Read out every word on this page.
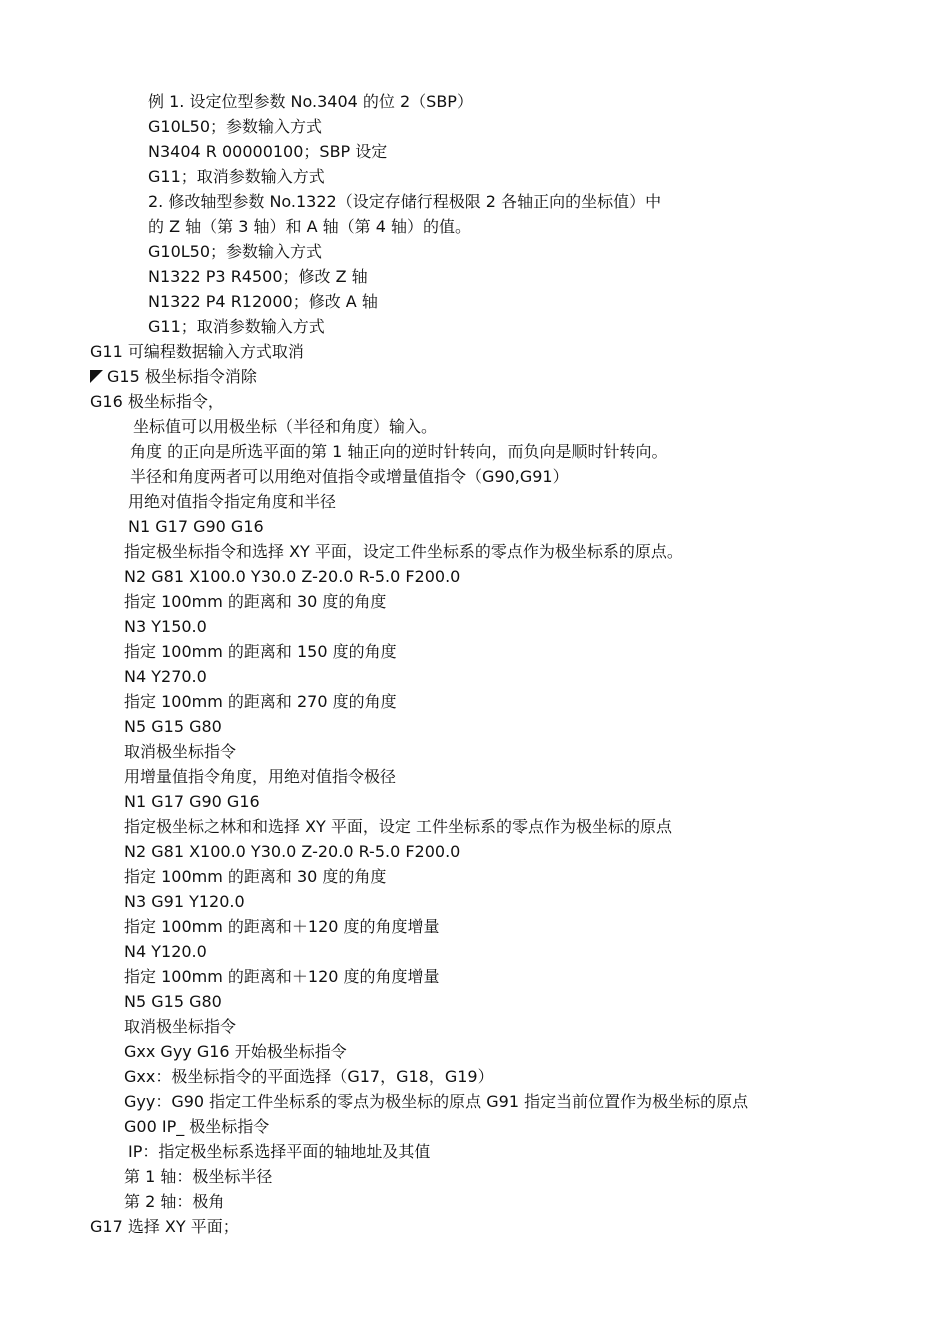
例 1. 设定位型参数 No.3404 的位 2（SBP）
G10L50；参数输入方式
N3404 R 00000100；SBP 设定
G11；取消参数输入方式
2. 修改轴型参数 No.1322（设定存储行程极限 2 各轴正向的坐标值）中
的 Z 轴（第 3 轴）和 A 轴（第 4 轴）的值。
G10L50；参数输入方式
N1322 P3 R4500；修改 Z 轴
N1322 P4 R12000；修改 A 轴
G11；取消参数输入方式
G11 可编程数据输入方式取消
G15 极坐标指令消除
G16 极坐标指令，
坐标值可以用极坐标（半径和角度）输入。
角度 的正向是所选平面的第 1 轴正向的逆时针转向，而负向是顺时针转向。
半径和角度两者可以用绝对值指令或增量值指令（G90,G91）
用绝对值指令指定角度和半径
N1 G17 G90 G16
指定极坐标指令和选择 XY 平面，设定工件坐标系的零点作为极坐标系的原点。
N2 G81 X100.0 Y30.0 Z-20.0 R-5.0 F200.0
指定 100mm 的距离和 30 度的角度
N3 Y150.0
指定 100mm 的距离和 150 度的角度
N4 Y270.0
指定 100mm 的距离和 270 度的角度
N5 G15 G80
取消极坐标指令
用增量值指令角度，用绝对值指令极径
N1 G17 G90 G16
指定极坐标之林和和选择 XY 平面，设定 工件坐标系的零点作为极坐标的原点
N2 G81 X100.0 Y30.0 Z-20.0 R-5.0 F200.0
指定 100mm 的距离和 30 度的角度
N3 G91 Y120.0
指定 100mm 的距离和＋120 度的角度增量
N4 Y120.0
指定 100mm 的距离和＋120 度的角度增量
N5 G15 G80
取消极坐标指令
Gxx Gyy G16 开始极坐标指令
Gxx：极坐标指令的平面选择（G17，G18，G19）
Gyy：G90 指定工件坐标系的零点为极坐标的原点 G91 指定当前位置作为极坐标的原点
G00 IP_ 极坐标指令
IP：指定极坐标系选择平面的轴地址及其值
第 1 轴：极坐标半径
第 2 轴：极角
G17 选择 XY 平面；
